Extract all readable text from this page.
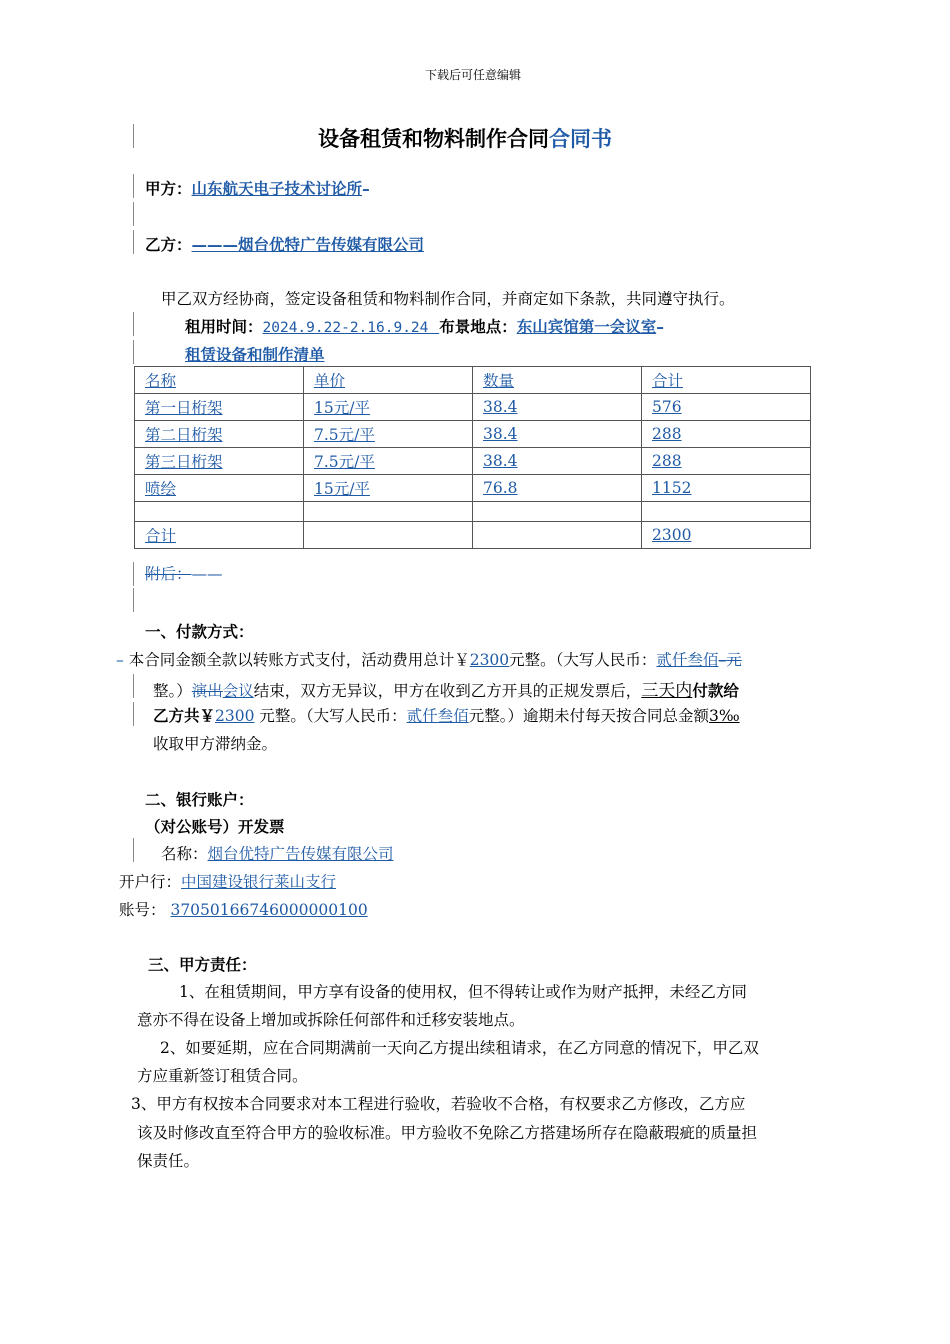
下载后可任意编辑
设备租赁和物料制作合同合同书
甲方：山东航天电子技术讨论所–
乙方：———烟台优特广告传媒有限公司
甲乙双方经协商，签定设备租赁和物料制作合同，并商定如下条款，共同遵守执行。
租用时间：2024.9.22-2.16.9.24 布景地点：东山宾馆第一会议室–
租赁设备和制作清单
名称	单价	数量	合计
第一日桁架	15元/平	38.4	576
第二日桁架	7.5元/平	38.4	288
第三日桁架	7.5元/平	38.4	288
喷绘	15元/平	76.8	1152

合计			2300
附后：——
一、付款方式：
– 本合同金额全款以转账方式支付，活动费用总计￥2300元整。（大写人民币：贰仟叁佰–元
整。）演出会议结束，双方无异议，甲方在收到乙方开具的正规发票后，三天内付款给
乙方共￥2300 元整。（大写人民币：贰仟叁佰元整。）逾期未付每天按合同总金额3‰
收取甲方滞纳金。
二、银行账户：
（对公账号）开发票
名称：烟台优特广告传媒有限公司
开户行：中国建设银行莱山支行
账号： 37050166746000000100
三、甲方责任：
1、在租赁期间，甲方享有设备的使用权，但不得转让或作为财产抵押，未经乙方同
意亦不得在设备上增加或拆除任何部件和迁移安装地点。
2、如要延期，应在合同期满前一天向乙方提出续租请求，在乙方同意的情况下，甲乙双
方应重新签订租赁合同。
3、甲方有权按本合同要求对本工程进行验收，若验收不合格，有权要求乙方修改，乙方应
该及时修改直至符合甲方的验收标准。甲方验收不免除乙方搭建场所存在隐蔽瑕疵的质量担
保责任。
